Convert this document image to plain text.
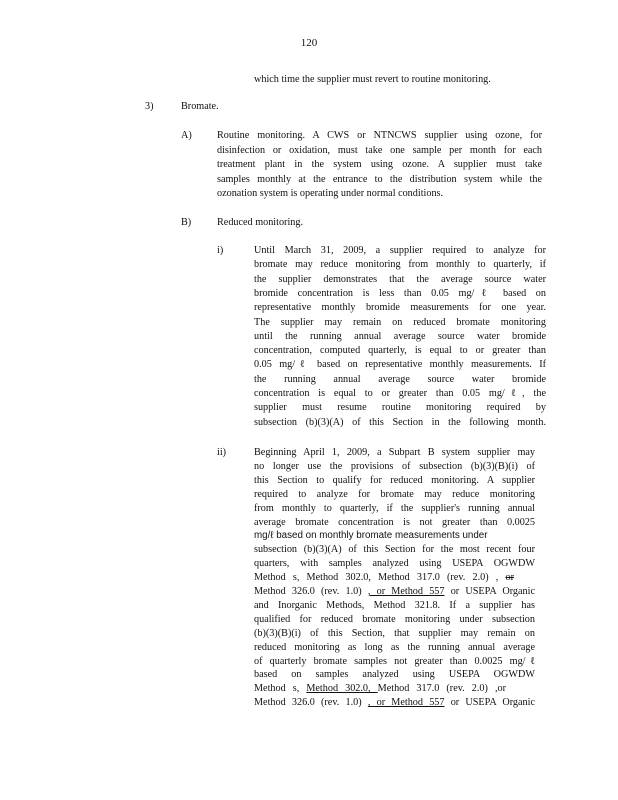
120
which time the supplier must revert to routine monitoring.
3)	Bromate.
A) Routine monitoring. A CWS or NTNCWS supplier using ozone, for
disinfection or oxidation, must take one sample per month for each
treatment plant in the system using ozone. A supplier must take
samples monthly at the entrance to the distribution system while the
ozonation system is operating under normal conditions.
B)	Reduced monitoring.
i)	Until March 31, 2009, a supplier required to analyze for
bromate may reduce monitoring from monthly to quarterly, if
the supplier demonstrates that the average source water
bromide concentration is less than 0.05 mg/ℓ based on
representative monthly bromide measurements for one year.
The supplier may remain on reduced bromate monitoring
until the running annual average source water bromide
concentration, computed quarterly, is equal to or greater than
0.05 mg/ℓ based on representative monthly measurements. If
the running annual average source water bromide
concentration is equal to or greater than 0.05 mg/ℓ, the
supplier must resume routine monitoring required by
subsection (b)(3)(A) of this Section in the following month.
ii)	Beginning April 1, 2009, a Subpart B system supplier may
no longer use the provisions of subsection (b)(3)(B)(i) of
this Section to qualify for reduced monitoring. A supplier
required to analyze for bromate may reduce monitoring
from monthly to quarterly, if the supplier's running annual
average bromate concentration is not greater than 0.0025
mg/ℓ based on monthly bromate measurements under
subsection (b)(3)(A) of this Section for the most recent four
quarters, with samples analyzed using USEPA OGWDW
Method s, Method 302.0, Method 317.0 (rev. 2.0) , or
Method 326.0 (rev. 1.0) , or Method 557 or USEPA Organic
and Inorganic Methods, Method 321.8. If a supplier has
qualified for reduced bromate monitoring under subsection
(b)(3)(B)(i) of this Section, that supplier may remain on
reduced monitoring as long as the running annual average
of quarterly bromate samples not greater than 0.0025 mg/ℓ
based on samples analyzed using USEPA OGWDW
Method s, Method 302.0, Method 317.0 (rev. 2.0) ,or
Method 326.0 (rev. 1.0) , or Method 557 or USEPA Organic
